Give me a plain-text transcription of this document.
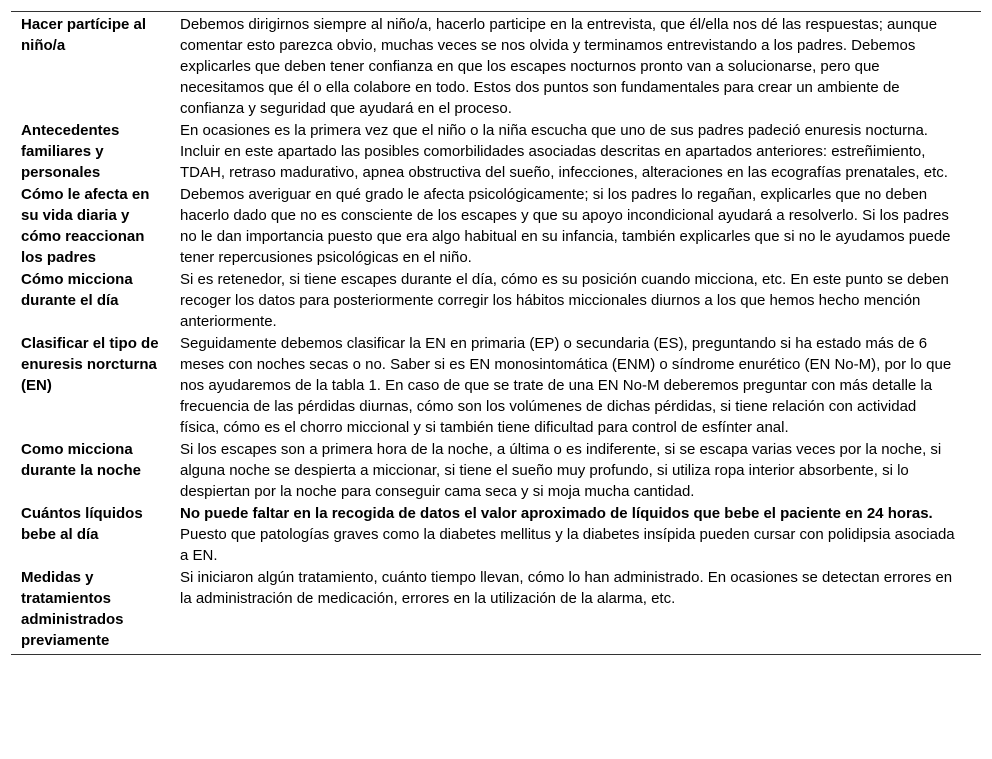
Hacer partícipe al niño/a	Debemos dirigirnos siempre al niño/a, hacerlo participe en la entrevista, que él/ella nos dé las respuestas; aunque comentar esto parezca obvio, muchas veces se nos olvida y terminamos entrevistando a los padres. Debemos explicarles que deben tener confianza en que los escapes nocturnos pronto van a solucionarse, pero que necesitamos que él o ella colabore en todo. Estos dos puntos son fundamentales para crear un ambiente de confianza y seguridad que ayudará en el proceso.
Antecedentes familiares y personales	En ocasiones es la primera vez que el niño o la niña escucha que uno de sus padres padeció enuresis nocturna. Incluir en este apartado las posibles comorbilidades asociadas descritas en apartados anteriores: estreñimiento, TDAH, retraso madurativo, apnea obstructiva del sueño, infecciones, alteraciones en las ecografías prenatales, etc.
Cómo le afecta en su vida diaria y cómo reaccionan los padres	Debemos averiguar en qué grado le afecta psicológicamente; si los padres lo regañan, explicarles que no deben hacerlo dado que no es consciente de los escapes y que su apoyo incondicional ayudará a resolverlo. Si los padres no le dan importancia puesto que era algo habitual en su infancia, también explicarles que si no le ayudamos puede tener repercusiones psicológicas en el niño.
Cómo micciona durante el día	Si es retenedor, si tiene escapes durante el día, cómo es su posición cuando micciona, etc. En este punto se deben recoger los datos para posteriormente corregir los hábitos miccionales diurnos a los que hemos hecho mención anteriormente.
Clasificar el tipo de enuresis norcturna (EN)	Seguidamente debemos clasificar la EN en primaria (EP) o secundaria (ES), preguntando si ha estado más de 6 meses con noches secas o no. Saber si es EN monosintomática (ENM) o síndrome enurético (EN No-M), por lo que nos ayudaremos de la tabla 1. En caso de que se trate de una EN No-M deberemos preguntar con más detalle la frecuencia de las pérdidas diurnas, cómo son los volúmenes de dichas pérdidas, si tiene relación con actividad física, cómo es el chorro miccional y si también tiene dificultad para control de esfínter anal.
Como micciona durante la noche	Si los escapes son a primera hora de la noche, a última o es indiferente, si se escapa varias veces por la noche, si alguna noche se despierta a miccionar, si tiene el sueño muy profundo, si utiliza ropa interior absorbente, si lo despiertan por la noche para conseguir cama seca y si moja mucha cantidad.
Cuántos líquidos bebe al día	No puede faltar en la recogida de datos el valor aproximado de líquidos que bebe el paciente en 24 horas. Puesto que patologías graves como la diabetes mellitus y la diabetes insípida pueden cursar con polidipsia asociada a EN.
Medidas y tratamientos administrados previamente	Si iniciaron algún tratamiento, cuánto tiempo llevan, cómo lo han administrado. En ocasiones se detectan errores en la administración de medicación, errores en la utilización de la alarma, etc.
